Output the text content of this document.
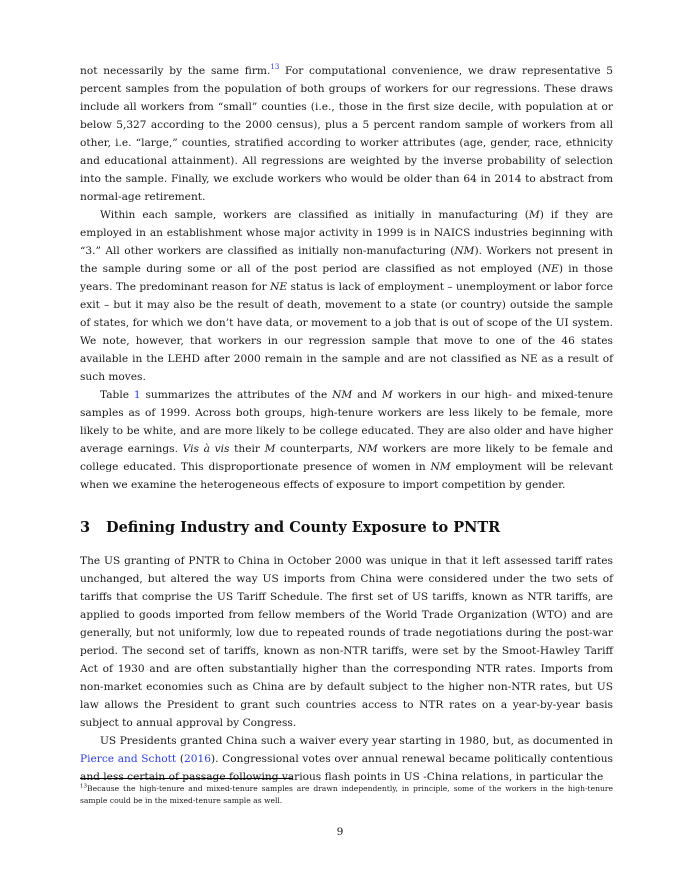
not necessarily by the same firm.$^{13}$ For computational convenience, we draw representative 5 percent samples from the population of both groups of workers for our regressions. These draws include all workers from “small” counties (i.e., those in the first size decile, with population at or below 5,327 according to the 2000 census), plus a 5 percent random sample of workers from all other, i.e. “large,” counties, stratified according to worker attributes (age, gender, race, ethnicity and educational attainment). All regressions are weighted by the inverse probability of selection into the sample. Finally, we exclude workers who would be older than 64 in 2014 to abstract from normal-age retirement.

Within each sample, workers are classified as initially in manufacturing (M) if they are employed in an establishment whose major activity in 1999 is in NAICS industries beginning with “3.” All other workers are classified as initially non-manufacturing (NM). Workers not present in the sample during some or all of the post period are classified as not employed (NE) in those years. The predominant reason for NE status is lack of employment – unemployment or labor force exit – but it may also be the result of death, movement to a state (or country) outside the sample of states, for which we don’t have data, or movement to a job that is out of scope of the UI system. We note, however, that workers in our regression sample that move to one of the 46 states available in the LEHD after 2000 remain in the sample and are not classified as NE as a result of such moves.

Table 1 summarizes the attributes of the NM and M workers in our high- and mixed-tenure samples as of 1999. Across both groups, high-tenure workers are less likely to be female, more likely to be white, and are more likely to be college educated. They are also older and have higher average earnings. Vis à vis their M counterparts, NM workers are more likely to be female and college educated. This disproportionate presence of women in NM employment will be relevant when we examine the heterogeneous effects of exposure to import competition by gender.

3 Defining Industry and County Exposure to PNTR

The US granting of PNTR to China in October 2000 was unique in that it left assessed tariff rates unchanged, but altered the way US imports from China were considered under the two sets of tariffs that comprise the US Tariff Schedule. The first set of US tariffs, known as NTR tariffs, are applied to goods imported from fellow members of the World Trade Organization (WTO) and are generally, but not uniformly, low due to repeated rounds of trade negotiations during the post-war period. The second set of tariffs, known as non-NTR tariffs, were set by the Smoot-Hawley Tariff Act of 1930 and are often substantially higher than the corresponding NTR rates. Imports from non-market economies such as China are by default subject to the higher non-NTR rates, but US law allows the President to grant such countries access to NTR rates on a year-by-year basis subject to annual approval by Congress.

US Presidents granted China such a waiver every year starting in 1980, but, as documented in Pierce and Schott (2016). Congressional votes over annual renewal became politically contentious and less certain of passage following various flash points in US -China relations, in particular the

$^{13}$Because the high-tenure and mixed-tenure samples are drawn independently, in principle, some of the workers in the high-tenure sample could be in the mixed-tenure sample as well.
9
